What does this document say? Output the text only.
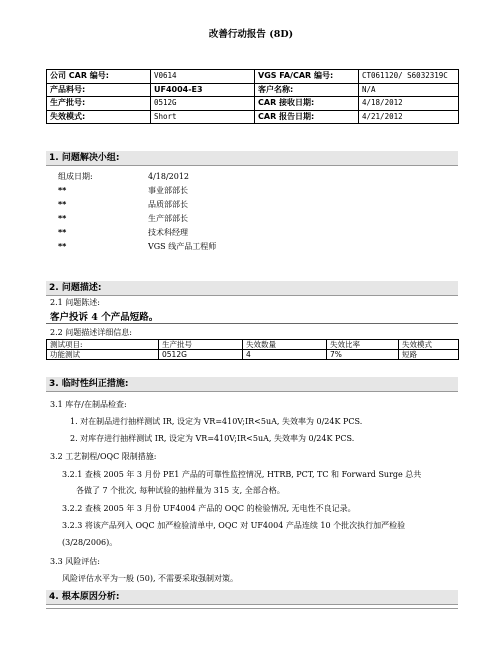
改善行动报告 (8D)
公司 CAR 编号:	V0614	VGS FA/CAR 编号:	CT061120/ S6032319C
产品料号:	UF4004-E3	客户名称:	N/A
生产批号:	0512G	CAR 接收日期:	4/18/2012
失效模式:	Short	CAR 报告日期:	4/21/2012
1. 问题解决小组:
组成日期:	4/18/2012
**	事业部部长
**	品质部部长
**	生产部部长
**	技术科经理
**	VGS 线产品工程师
2. 问题描述:
2.1 问题陈述:
客户投诉 4 个产品短路。
2.2 问题描述详细信息:
测试项目:	生产批号	失效数量	失效比率	失效模式
功能测试	0512G	4	7%	短路
3. 临时性纠正措施:
3.1 库存/在制品检查:
1. 对在制品进行抽样测试 IR, 设定为 VR=410V;IR<5uA, 失效率为 0/24K PCS.
2. 对库存进行抽样测试 IR, 设定为 VR=410V;IR<5uA, 失效率为 0/24K PCS.
3.2 工艺制程/OQC 限制措施:
3.2.1 查核 2005 年 3 月份 PE1 产品的可靠性监控情况, HTRB, PCT, TC 和 Forward Surge 总共
各做了 7 个批次, 每种试验的抽样量为 315 支, 全部合格。
3.2.2 查核 2005 年 3 月份 UF4004 产品的 OQC 的检验情况, 无电性不良记录。
3.2.3 将该产品列入 OQC 加严检验清单中, OQC 对 UF4004 产品连续 10 个批次执行加严检验
(3/28/2006)。
3.3 风险评估:
风险评估水平为一般 (50), 不需要采取强制对策。
4. 根本原因分析:
